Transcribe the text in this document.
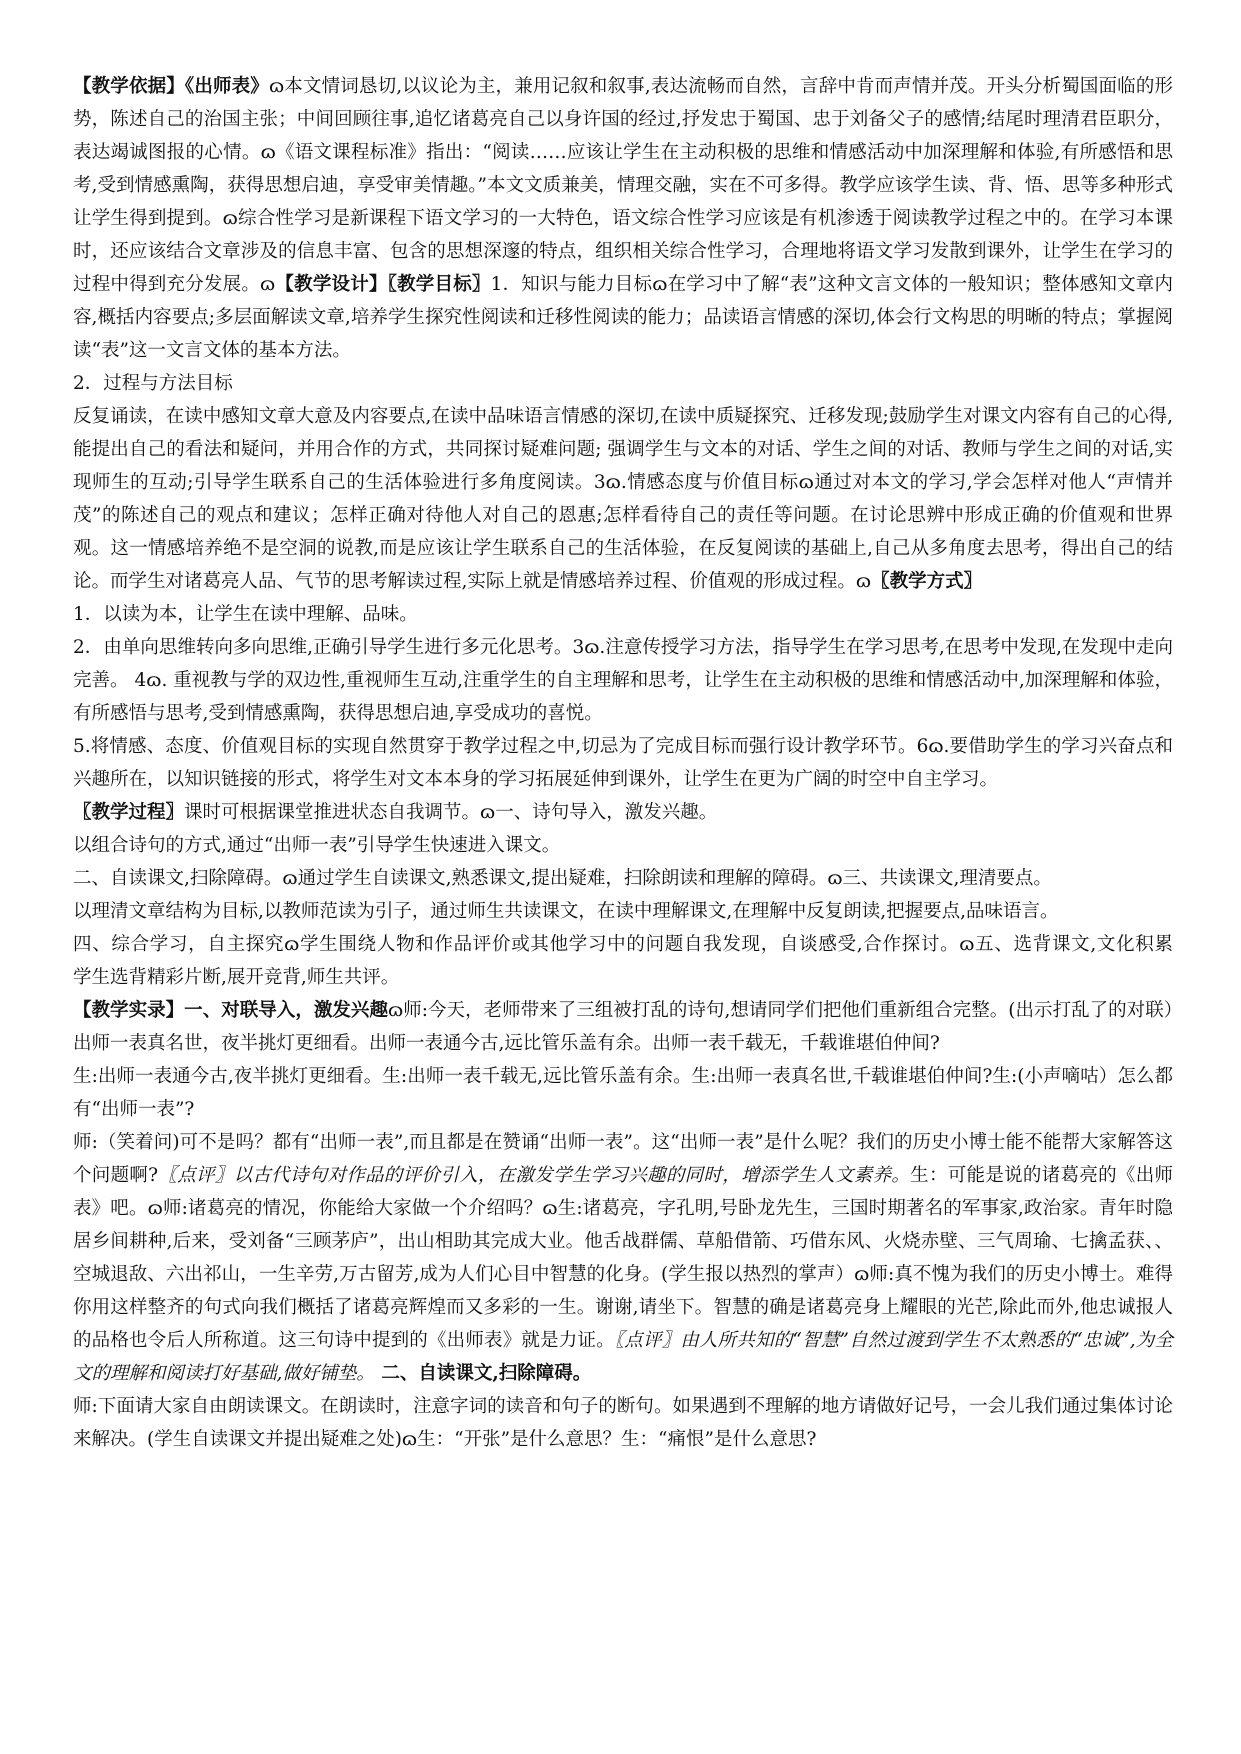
【教学依据】《出师表》ɷ本文情词恳切,以议论为主，兼用记叙和叙事,表达流畅而自然，言辞中肯而声情并茂。开头分析蜀国面临的形势，陈述自己的治国主张；中间回顾往事,追忆诸葛亮自己以身许国的经过,抒发忠于蜀国、忠于刘备父子的感情;结尾时理清君臣职分，表达竭诚图报的心情。ɷ《语文课程标准》指出：“阅读……应该让学生在主动积极的思维和情感活动中加深理解和体验,有所感悟和思考,受到情感熏陶，获得思想启迪，享受审美情趣。”本文文质兼美，情理交融，实在不可多得。教学应该学生读、背、悟、思等多种形式让学生得到提到。ɷ综合性学习是新课程下语文学习的一大特色，语文综合性学习应该是有机渗透于阅读教学过程之中的。在学习本课时，还应该结合文章涉及的信息丰富、包含的思想深邃的特点，组织相关综合性学习，合理地将语文学习发散到课外，让学生在学习的过程中得到充分发展。ɷ【教学设计】〖教学目标〗1．知识与能力目标ɷ在学习中了解“表”这种文言文体的一般知识；整体感知文章内容,概括内容要点;多层面解读文章,培养学生探究性阅读和迁移性阅读的能力；品读语言情感的深切,体会行文构思的明晰的特点；掌握阅读“表”这一文言文体的基本方法。
2．过程与方法目标
反复诵读，在读中感知文章大意及内容要点,在读中品味语言情感的深切,在读中质疑探究、迁移发现;鼓励学生对课文内容有自己的心得,能提出自己的看法和疑问，并用合作的方式，共同探讨疑难问题; 强调学生与文本的对话、学生之间的对话、教师与学生之间的对话,实现师生的互动;引导学生联系自己的生活体验进行多角度阅读。3ɷ.情感态度与价值目标ɷ通过对本文的学习,学会怎样对他人“声情并茂”的陈述自己的观点和建议；怎样正确对待他人对自己的恩惠;怎样看待自己的责任等问题。在讨论思辨中形成正确的价值观和世界观。这一情感培养绝不是空洞的说教,而是应该让学生联系自己的生活体验，在反复阅读的基础上,自己从多角度去思考，得出自己的结论。而学生对诸葛亮人品、气节的思考解读过程,实际上就是情感培养过程、价值观的形成过程。ɷ〖教学方式〗
1．以读为本，让学生在读中理解、品味。
2．由单向思维转向多向思维,正确引导学生进行多元化思考。3ɷ.注意传授学习方法，指导学生在学习思考,在思考中发现,在发现中走向完善。 4ɷ. 重视教与学的双边性,重视师生互动,注重学生的自主理解和思考，让学生在主动积极的思维和情感活动中,加深理解和体验，有所感悟与思考,受到情感熏陶，获得思想启迪,享受成功的喜悦。
5.将情感、态度、价值观目标的实现自然贯穿于教学过程之中,切忌为了完成目标而强行设计教学环节。6ɷ.要借助学生的学习兴奋点和兴趣所在，以知识链接的形式，将学生对文本本身的学习拓展延伸到课外，让学生在更为广阔的时空中自主学习。
〖教学过程〗课时可根据课堂推进状态自我调节。ɷ一、诗句导入，激发兴趣。
以组合诗句的方式,通过“出师一表”引导学生快速进入课文。
二、自读课文,扫除障碍。ɷ通过学生自读课文,熟悉课文,提出疑难，扫除朗读和理解的障碍。ɷ三、共读课文,理清要点。
以理清文章结构为目标,以教师范读为引子，通过师生共读课文，在读中理解课文,在理解中反复朗读,把握要点,品味语言。
四、综合学习，自主探究ɷ学生围绕人物和作品评价或其他学习中的问题自我发现，自谈感受,合作探讨。ɷ五、选背课文,文化积累　　　学生选背精彩片断,展开竞背,师生共评。
【教学实录】一、对联导入，激发兴趣ɷ师:今天，老师带来了三组被打乱的诗句,想请同学们把他们重新组合完整。(出示打乱了的对联）出师一表真名世，夜半挑灯更细看。出师一表通今古,远比管乐盖有余。出师一表千载无，千载谁堪伯仲间?
生:出师一表通今古,夜半挑灯更细看。生:出师一表千载无,远比管乐盖有余。生:出师一表真名世,千载谁堪伯仲间?生:(小声嘀咕）怎么都有“出师一表”?
师:（笑着问)可不是吗？都有“出师一表”,而且都是在赞诵“出师一表”。这“出师一表”是什么呢？我们的历史小博士能不能帮大家解答这个问题啊?〖点评〗以古代诗句对作品的评价引入，在激发学生学习兴趣的同时，增添学生人文素养。生：可能是说的诸葛亮的《出师表》吧。ɷ师:诸葛亮的情况，你能给大家做一个介绍吗？ɷ生:诸葛亮，字孔明,号卧龙先生，三国时期著名的军事家,政治家。青年时隐居乡间耕种,后来，受刘备“三顾茅庐”，出山相助其完成大业。他舌战群儒、草船借箭、巧借东风、火烧赤壁、三气周瑜、七擒孟获、、空城退敌、六出祁山，一生辛劳,万古留芳,成为人们心目中智慧的化身。(学生报以热烈的掌声）ɷ师:真不愧为我们的历史小博士。难得你用这样整齐的句式向我们概括了诸葛亮辉煌而又多彩的一生。谢谢,请坐下。智慧的确是诸葛亮身上耀眼的光芒,除此而外,他忠诚报人的品格也令后人所称道。这三句诗中提到的《出师表》就是力证。〖点评〗由人所共知的“智慧”自然过渡到学生不太熟悉的“忠诚”,为全文的理解和阅读打好基础,做好铺垫。 二、自读课文,扫除障碍。
师:下面请大家自由朗读课文。在朗读时，注意字词的读音和句子的断句。如果遇到不理解的地方请做好记号，一会儿我们通过集体讨论来解决。(学生自读课文并提出疑难之处)ɷ生：“开张”是什么意思？生：“痛恨”是什么意思?
